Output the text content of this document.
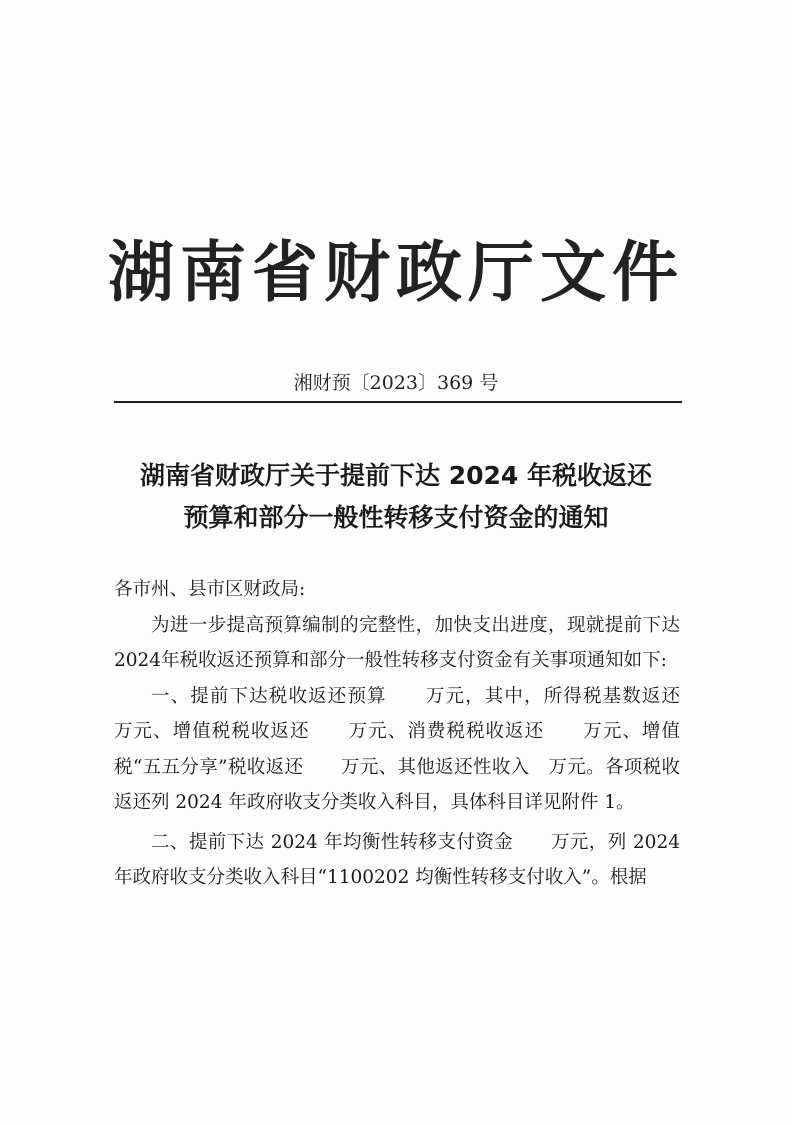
湖南省财政厅文件
湘财预〔2023〕369 号
湖南省财政厅关于提前下达 2024 年税收返还
预算和部分一般性转移支付资金的通知

各市州、县市区财政局:

为进一步提高预算编制的完整性，加快支出进度，现就提前下达2024年税收返还预算和部分一般性转移支付资金有关事项通知如下:

一、提前下达税收返还预算　　万元，其中，所得税基数返还　　万元、增值税税收返还　　万元、消费税税收返还　　万元、增值税“五五分享”税收返还　　万元、其他返还性收入　万元。各项税收返还列 2024 年政府收支分类收入科目，具体科目详见附件 1。

二、提前下达 2024 年均衡性转移支付资金　　万元，列 2024 年政府收支分类收入科目“1100202 均衡性转移支付收入”。根据
